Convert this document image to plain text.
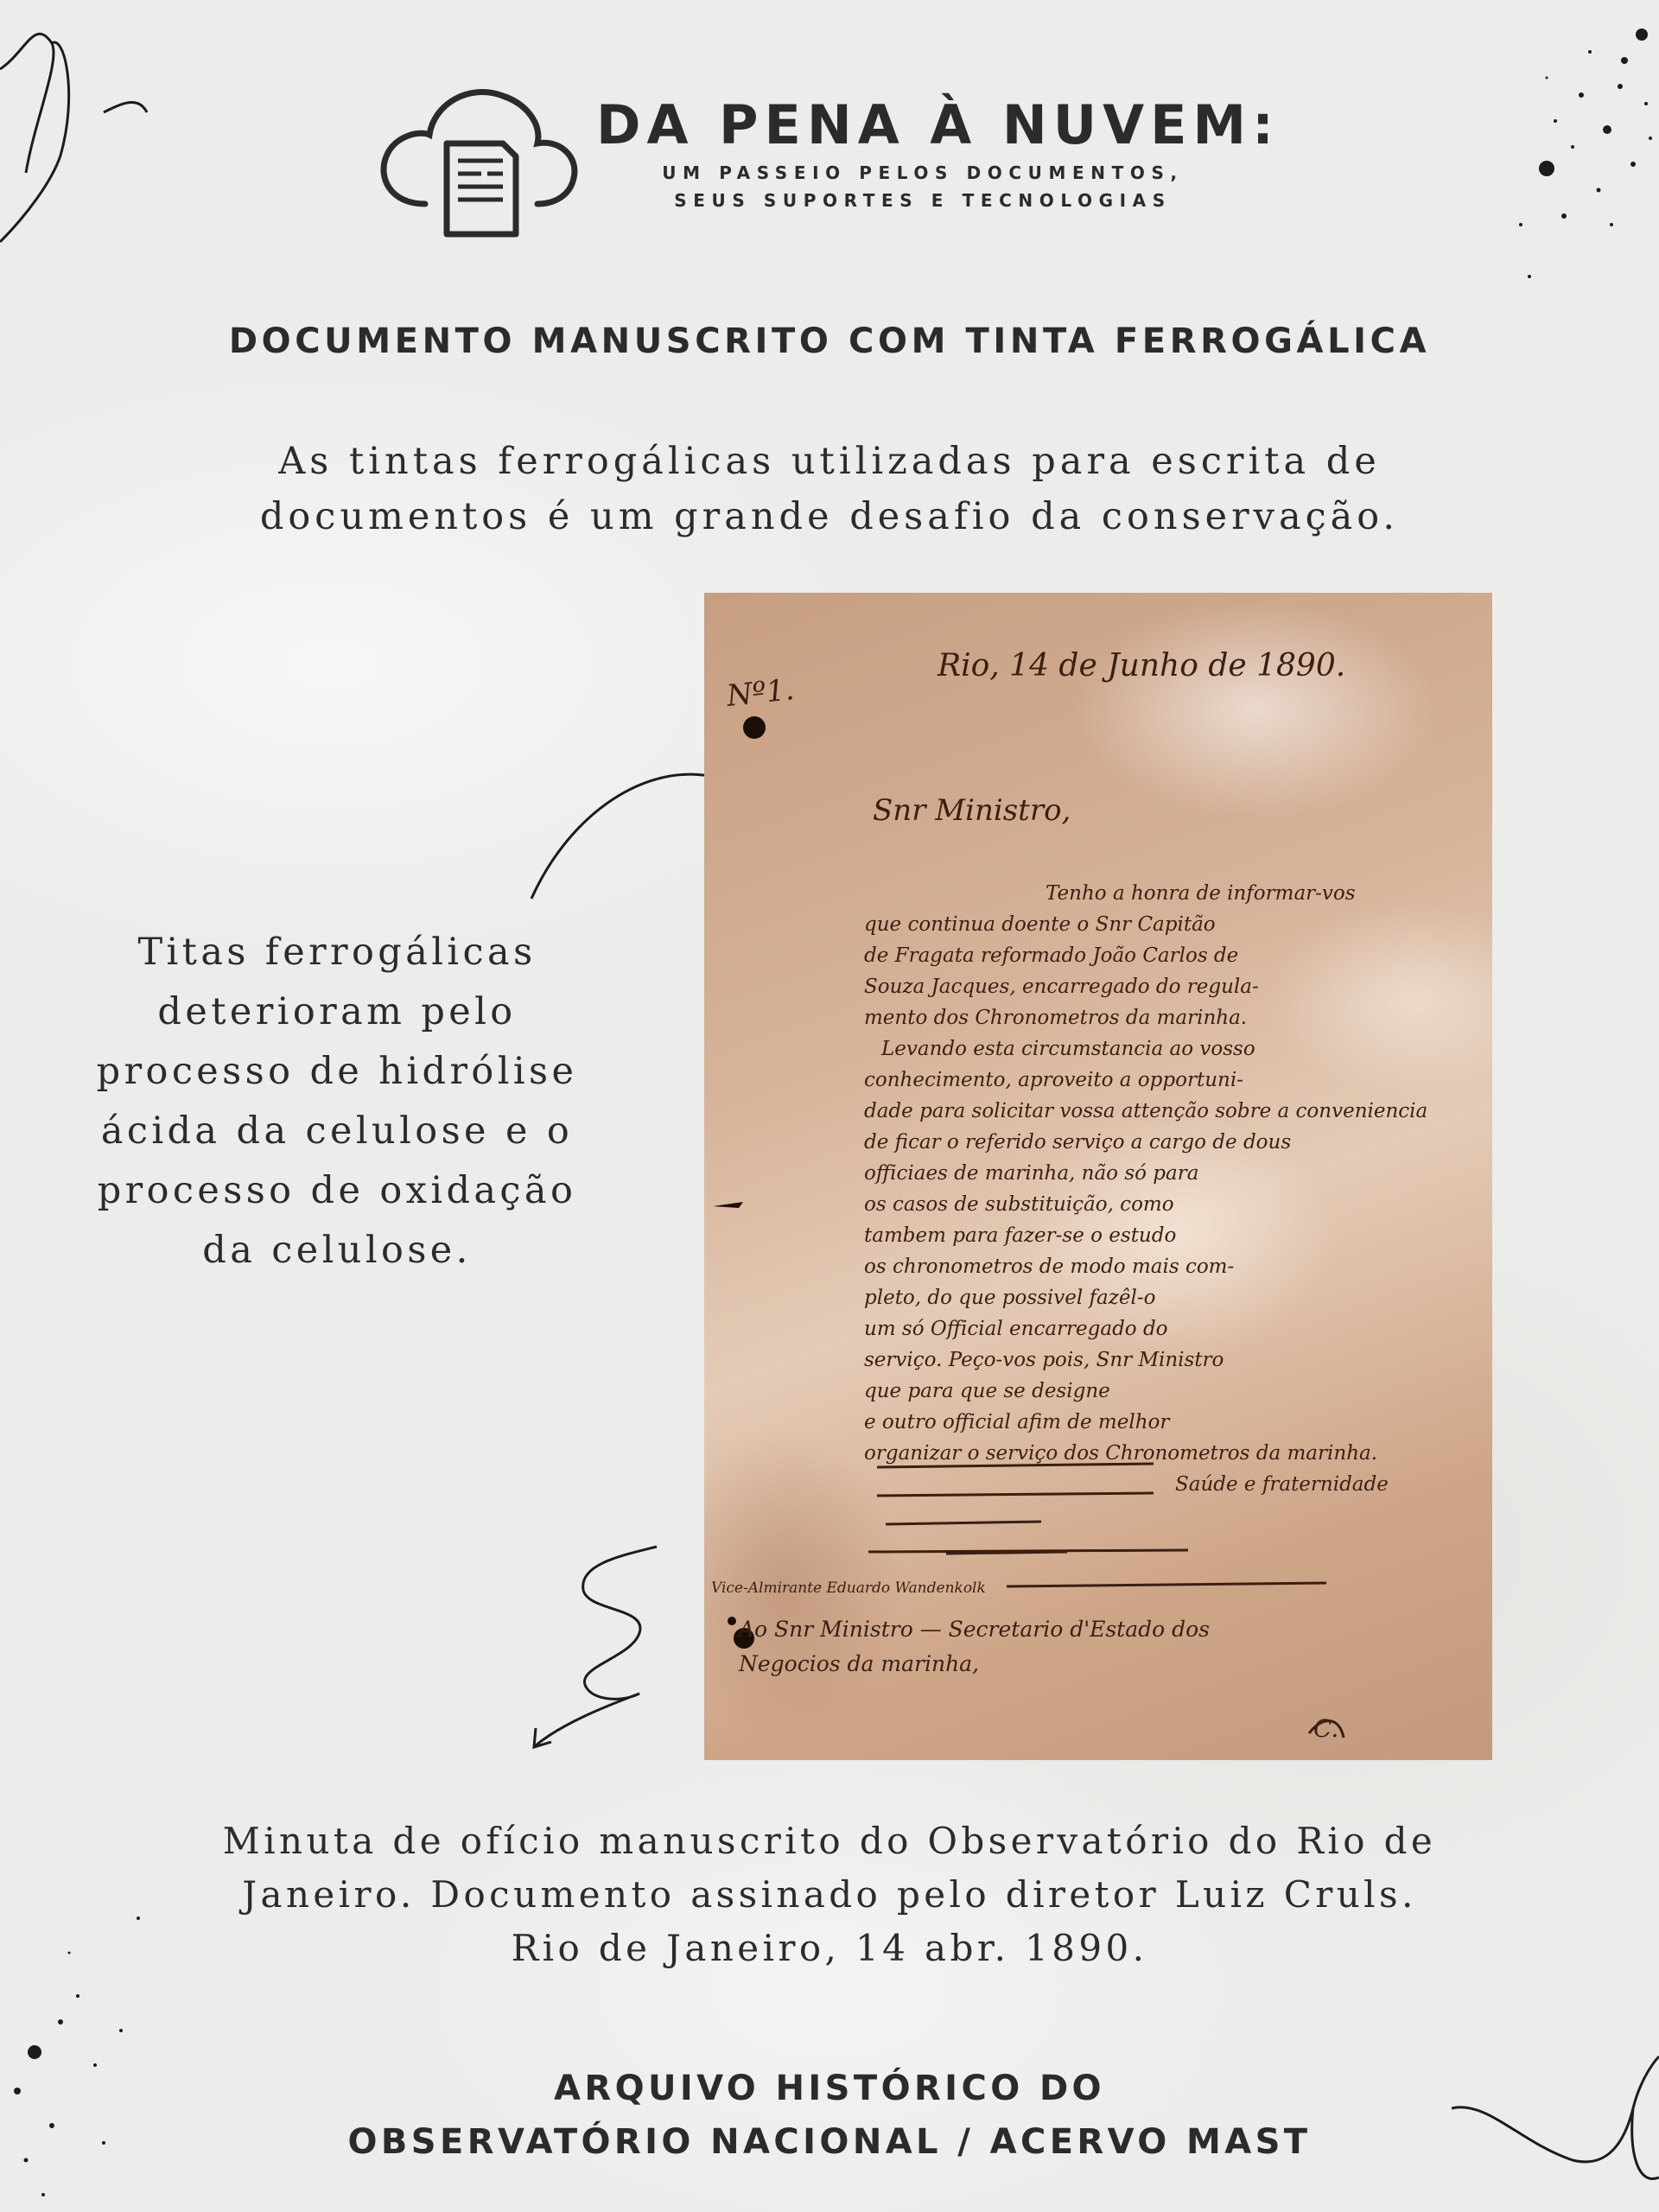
DA PENA À NUVEM:
UM PASSEIO PELOS DOCUMENTOS,
SEUS SUPORTES E TECNOLOGIAS
DOCUMENTO MANUSCRITO COM TINTA FERROGÁLICA
As tintas ferrogálicas utilizadas para escrita de
documentos é um grande desafio da conservação.
Titas ferrogálicas
deterioram pelo
processo de hidrólise
ácida da celulose e o
processo de oxidação
da celulose.
Nº1.
Rio, 14 de Junho de 1890.
Snr Ministro,
Tenho a honra de informar-vos
que continua doente o Snr Capitão
de Fragata reformado João Carlos de
Souza Jacques, encarregado do regula-
mento dos Chronometros da marinha.
Levando esta circumstancia ao vosso
conhecimento, aproveito a opportuni-
dade para solicitar vossa attenção sobre a conveniencia
de ficar o referido serviço a cargo de dous
officiaes de marinha, não só para
os casos de substituição, como
tambem para fazer-se o estudo
os chronometros de modo mais com-
pleto, do que possivel fazêl-o
um só Official encarregado do
serviço. Peço-vos pois, Snr Ministro
que para que se designe
e outro official afim de melhor
organizar o serviço dos Chronometros da marinha.
Saúde e fraternidade
Vice-Almirante Eduardo Wandenkolk
Ao Snr Ministro — Secretario d'Estado dos
Negocios da marinha,
C.
Minuta de ofício manuscrito do Observatório do Rio de
Janeiro. Documento assinado pelo diretor Luiz Cruls.
Rio de Janeiro, 14 abr. 1890.
ARQUIVO HISTÓRICO DO
OBSERVATÓRIO NACIONAL / ACERVO MAST
